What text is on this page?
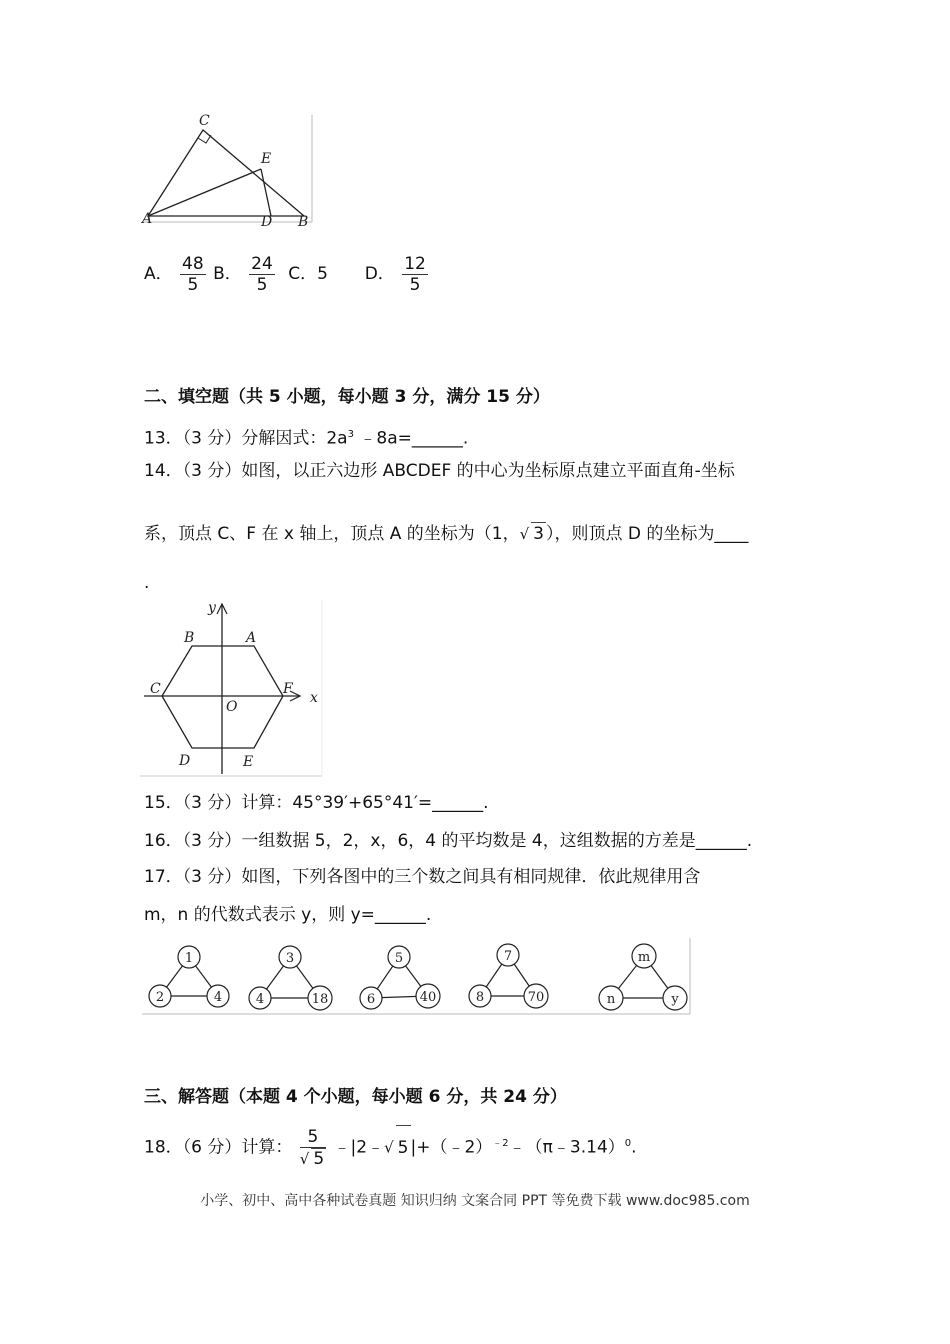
C
E
A	D B
A． $\frac{48}{5}$ B． $\frac{24}{5}$ C．5 D． $\frac{12}{5}$
二、填空题（共 5 小题，每小题 3 分，满分 15 分）
13．（3 分）分解因式：$2a^3$ ﹣8a=______.
14．（3 分）如图，以正六边形 ABCDEF 的中心为坐标原点建立平面直角‐坐标
系，顶点 C、F 在 x 轴上，顶点 A 的坐标为（1，√ 3 ），则顶点 D 的坐标为____
.
y
B	A
C	F
x
O
D	E
15．（3 分）计算：45°39′+65°41′=______.
16．（3 分）一组数据 5，2，x，6，4 的平均数是 4，这组数据的方差是______.
17．（3 分）如图，下列各图中的三个数之间具有相同规律．依此规律用含
m，n 的代数式表示 y，则 y=______.
1
2	4
3
4	18
5
6	40
7
8	70
m
n	y
三、解答题（本题 4 个小题，每小题 6 分，共 24 分）
18．（6 分）计算： $\frac{5}{√ 5}$ ﹣|2﹣√ 5 |+（﹣2）$^{﹣2}$﹣（π﹣3.14）$^0$.
小学、初中、高中各种试卷真题 知识归纳 文案合同 PPT 等免费下载 www.doc985.com
